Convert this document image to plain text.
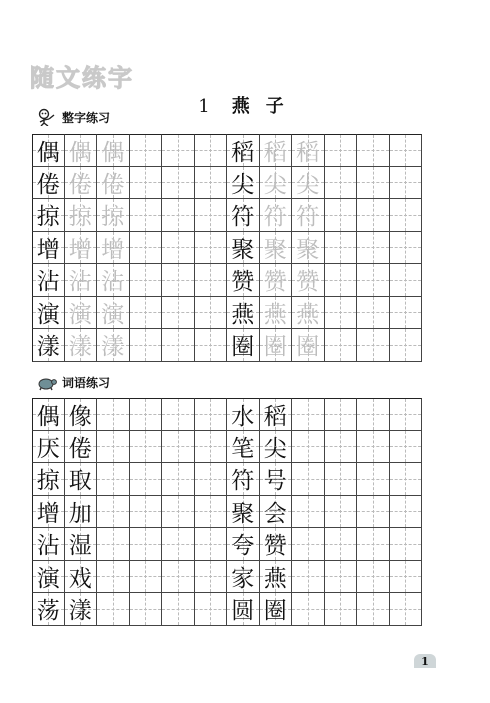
随文练字
1 燕 子
整字练习
偶 偶 偶	稻 稻 稻
倦 倦 倦	尖 尖 尖
掠 掠 掠	符 符 符
增 增 增	聚 聚 聚
沾 沾 沾	赞 赞 赞
演 演 演	燕 燕 燕
漾 漾 漾	圈 圈 圈
词语练习
偶 像	水 稻
厌 倦	笔 尖
掠 取	符 号
增 加	聚 会
沾 湿	夸 赞
演 戏	家 燕
荡 漾	圆 圈
1
